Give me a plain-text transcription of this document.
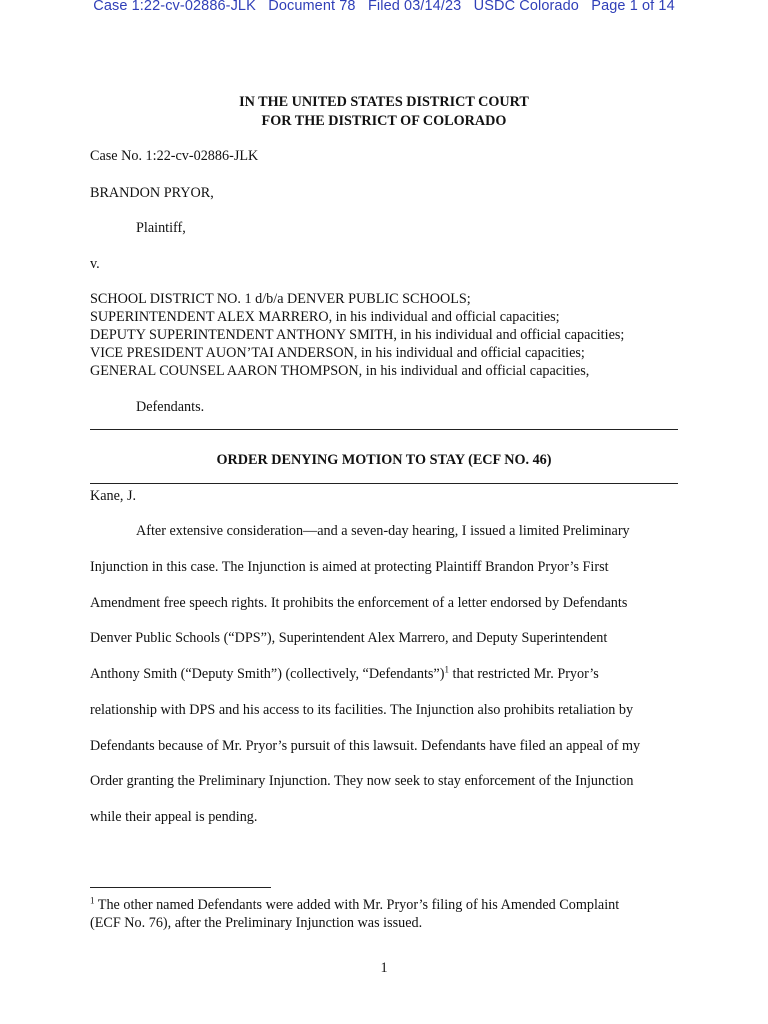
Case 1:22-cv-02886-JLK   Document 78   Filed 03/14/23   USDC Colorado   Page 1 of 14
IN THE UNITED STATES DISTRICT COURT
FOR THE DISTRICT OF COLORADO
Case No. 1:22-cv-02886-JLK
BRANDON PRYOR,
Plaintiff,
v.
SCHOOL DISTRICT NO. 1 d/b/a DENVER PUBLIC SCHOOLS;
SUPERINTENDENT ALEX MARRERO, in his individual and official capacities;
DEPUTY SUPERINTENDENT ANTHONY SMITH, in his individual and official capacities;
VICE PRESIDENT AUON’TAI ANDERSON, in his individual and official capacities;
GENERAL COUNSEL AARON THOMPSON, in his individual and official capacities,
Defendants.
ORDER DENYING MOTION TO STAY (ECF NO. 46)
Kane, J.
After extensive consideration—and a seven-day hearing, I issued a limited Preliminary
Injunction in this case. The Injunction is aimed at protecting Plaintiff Brandon Pryor’s First
Amendment free speech rights. It prohibits the enforcement of a letter endorsed by Defendants
Denver Public Schools (“DPS”), Superintendent Alex Marrero, and Deputy Superintendent
Anthony Smith (“Deputy Smith”) (collectively, “Defendants”)$^1$ that restricted Mr. Pryor’s
relationship with DPS and his access to its facilities. The Injunction also prohibits retaliation by
Defendants because of Mr. Pryor’s pursuit of this lawsuit. Defendants have filed an appeal of my
Order granting the Preliminary Injunction. They now seek to stay enforcement of the Injunction
while their appeal is pending.
$^1$ The other named Defendants were added with Mr. Pryor’s filing of his Amended Complaint
(ECF No. 76), after the Preliminary Injunction was issued.
1
